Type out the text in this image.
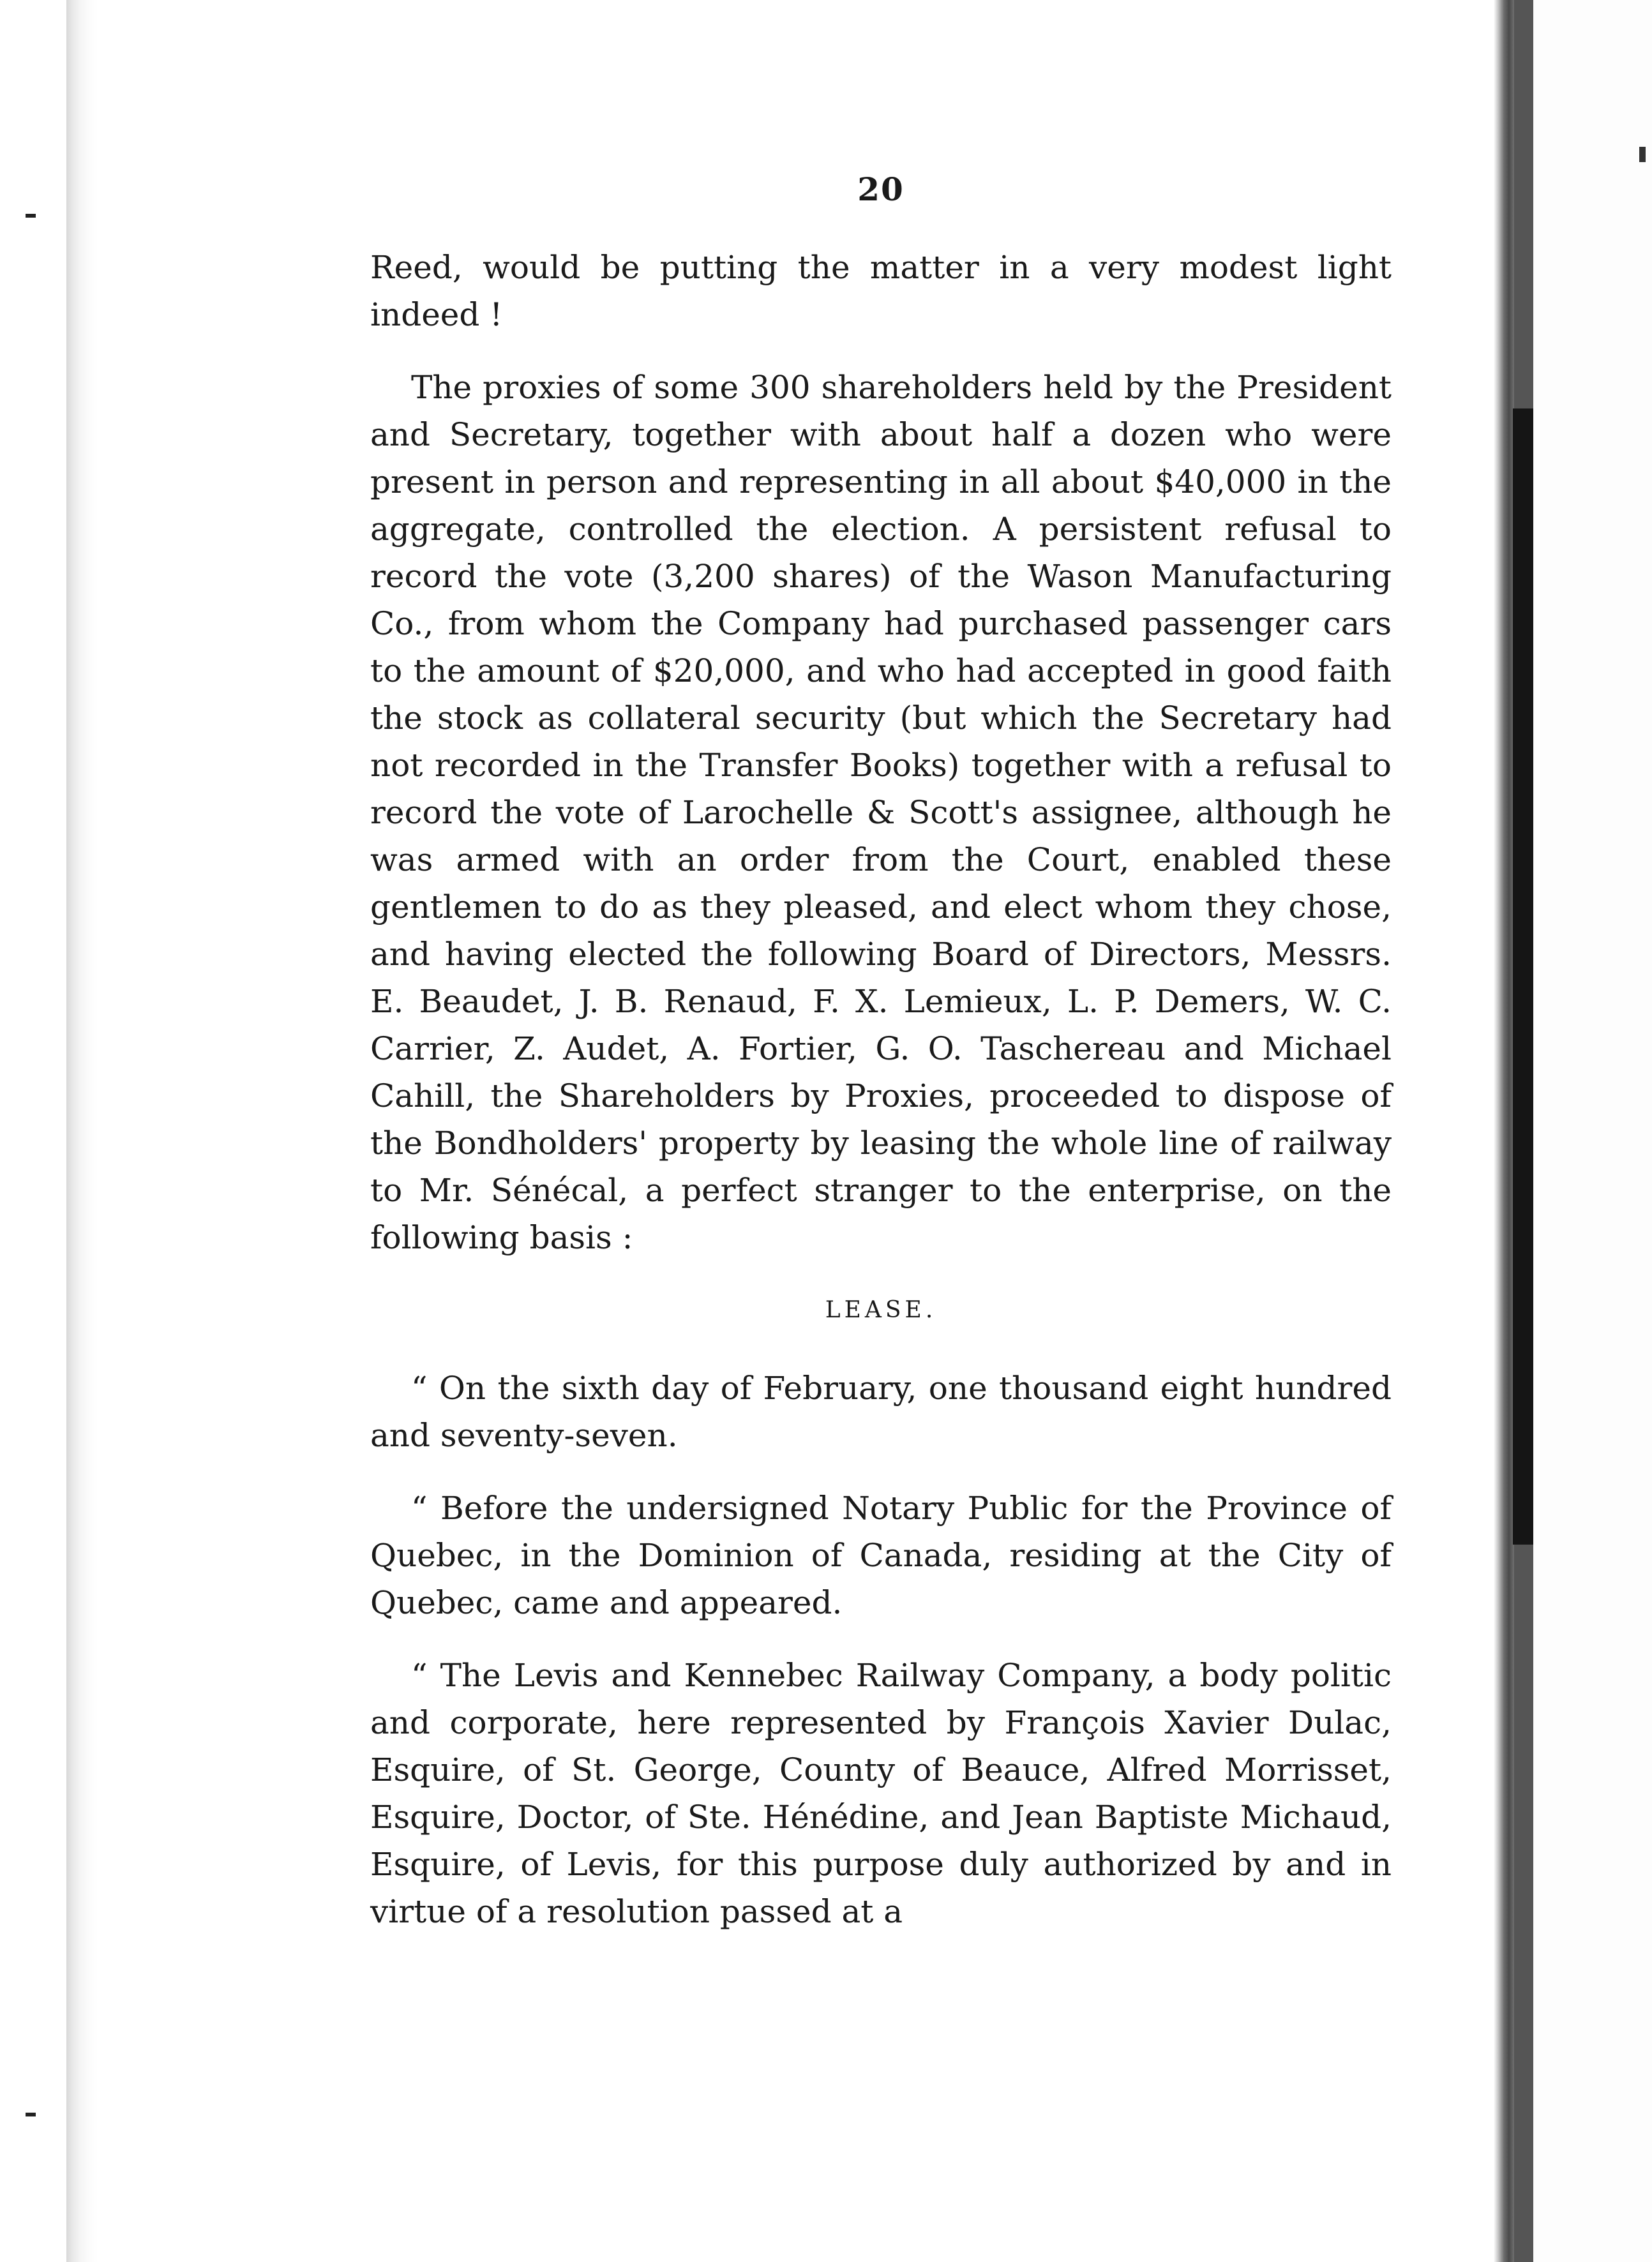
20

Reed, would be putting the matter in a very modest light indeed !

The proxies of some 300 shareholders held by the President and Secretary, together with about half a dozen who were present in person and representing in all about $40,000 in the aggregate, controlled the election. A persistent refusal to record the vote (3,200 shares) of the Wason Manufacturing Co., from whom the Company had purchased passenger cars to the amount of $20,000, and who had accepted in good faith the stock as collateral security (but which the Secretary had not recorded in the Transfer Books) together with a refusal to record the vote of Larochelle & Scott's assignee, although he was armed with an order from the Court, enabled these gentlemen to do as they pleased, and elect whom they chose, and having elected the following Board of Directors, Messrs. E. Beaudet, J. B. Renaud, F. X. Lemieux, L. P. Demers, W. C. Carrier, Z. Audet, A. Fortier, G. O. Taschereau and Michael Cahill, the Shareholders by Proxies, proceeded to dispose of the Bondholders' property by leasing the whole line of railway to Mr. Sénécal, a perfect stranger to the enterprise, on the following basis :

LEASE.

“ On the sixth day of February, one thousand eight hundred and seventy-seven.

“ Before the undersigned Notary Public for the Province of Quebec, in the Dominion of Canada, residing at the City of Quebec, came and appeared.

“ The Levis and Kennebec Railway Company, a body politic and corporate, here represented by François Xavier Dulac, Esquire, of St. George, County of Beauce, Alfred Morrisset, Esquire, Doctor, of Ste. Hénédine, and Jean Baptiste Michaud, Esquire, of Levis, for this purpose duly authorized by and in virtue of a resolution passed at a
